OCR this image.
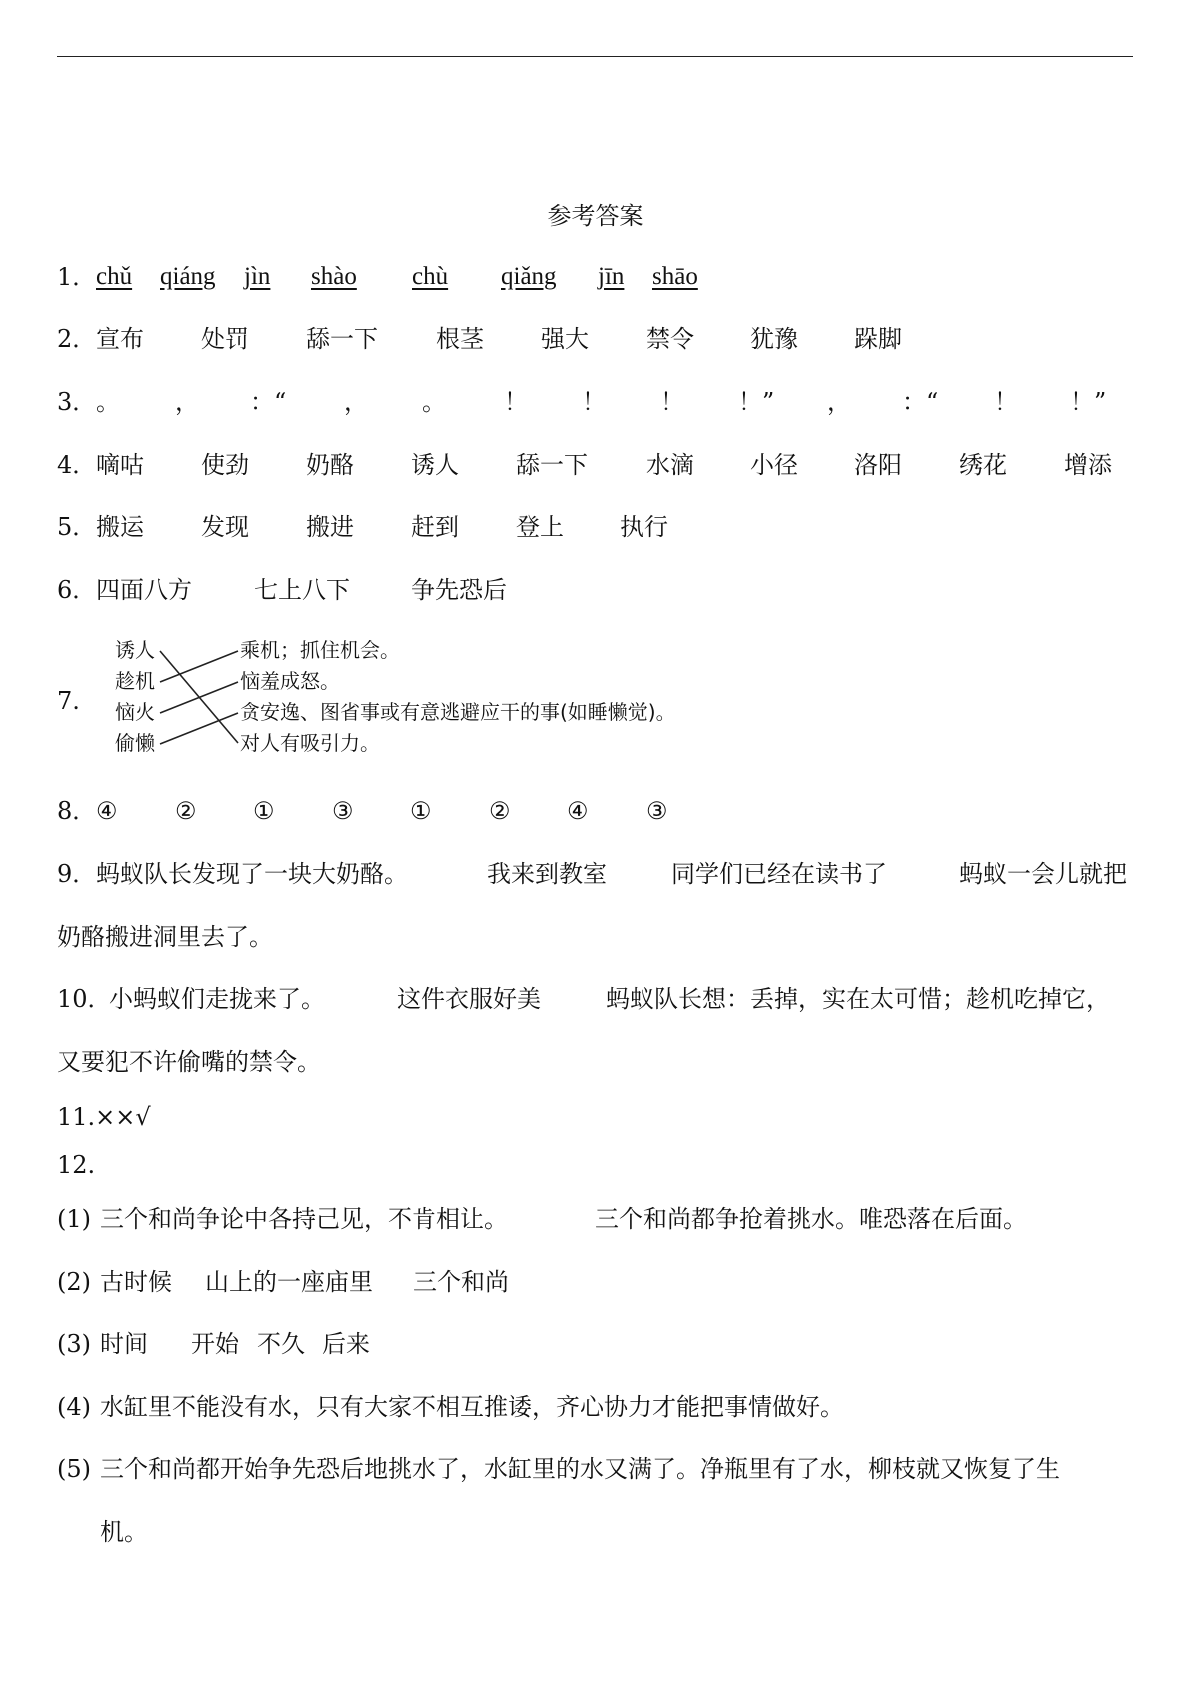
参考答案
1． chǔ qiáng jìn shào chù qiǎng jīn shāo
2． 宣布 处罚 舔一下 根茎 强大 禁令 犹豫 跺脚
3． 。 ， ：“ ， 。 ！ ！ ！ ！” ， ：“ ！ ！”
4． 嘀咕 使劲 奶酪 诱人 舔一下 水滴 小径 洛阳 绣花 增添
5． 搬运 发现 搬进 赶到 登上 执行
6． 四面八方	七上八下	争先恐后
7.
诱人
趁机
恼火
偷懒
乘机；抓住机会。
恼羞成怒。
贪安逸、图省事或有意逃避应干的事(如睡懒觉)。
对人有吸引力。
8． ④ ② ① ③ ① ② ④ ③
9． 蚂蚁队长发现了一块大奶酪。	我来到教室	同学们已经在读书了	蚂蚁一会儿就把
奶酪搬进洞里去了。
10．
小蚂蚁们走拢来了。	这件衣服好美	蚂蚁队长想：丢掉，实在太可惜；趁机吃掉它，
又要犯不许偷嘴的禁令。
11.××√
12.
(1) 三个和尚争论中各持己见，不肯相让。	三个和尚都争抢着挑水。唯恐落在后面。
(2) 古时候 山上的一座庙里 三个和尚
(3) 时间 开始 不久 后来
(4) 水缸里不能没有水，只有大家不相互推诿，齐心协力才能把事情做好。
(5) 三个和尚都开始争先恐后地挑水了，水缸里的水又满了。净瓶里有了水，柳枝就又恢复了生
机。
